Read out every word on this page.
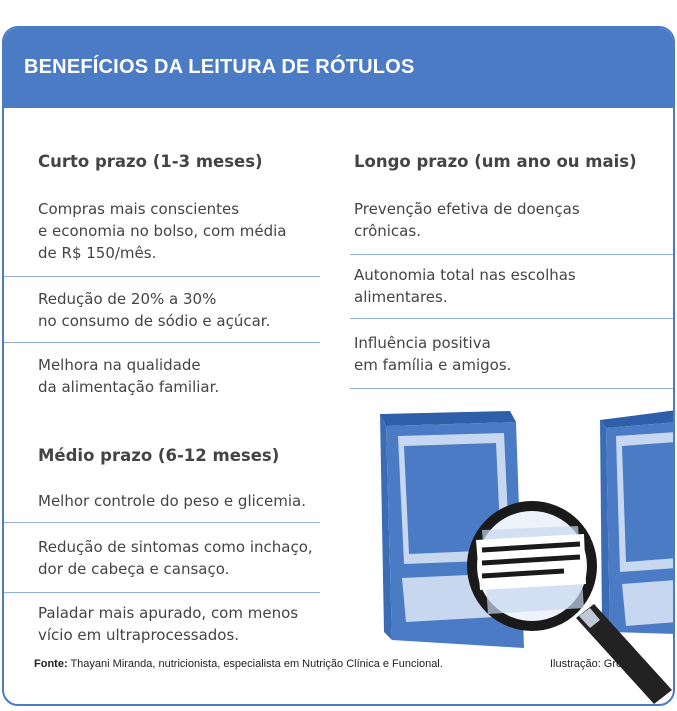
BENEFÍCIOS DA LEITURA DE RÓTULOS
Curto prazo (1-3 meses)
Compras mais conscientes
e economia no bolso, com média
de R$ 150/mês.
Redução de 20% a 30%
no consumo de sódio e açúcar.
Melhora na qualidade
da alimentação familiar.
Médio prazo (6-12 meses)
Melhor controle do peso e glicemia.
Redução de sintomas como inchaço,
dor de cabeça e cansaço.
Paladar mais apurado, com menos
vício em ultraprocessados.
Longo prazo (um ano ou mais)
Prevenção efetiva de doenças
crônicas.
Autonomia total nas escolhas
alimentares.
Influência positiva
em família e amigos.
Fonte: Thayani Miranda, nutricionista, especialista em Nutrição Clínica e Funcional.	Ilustração: Greg
